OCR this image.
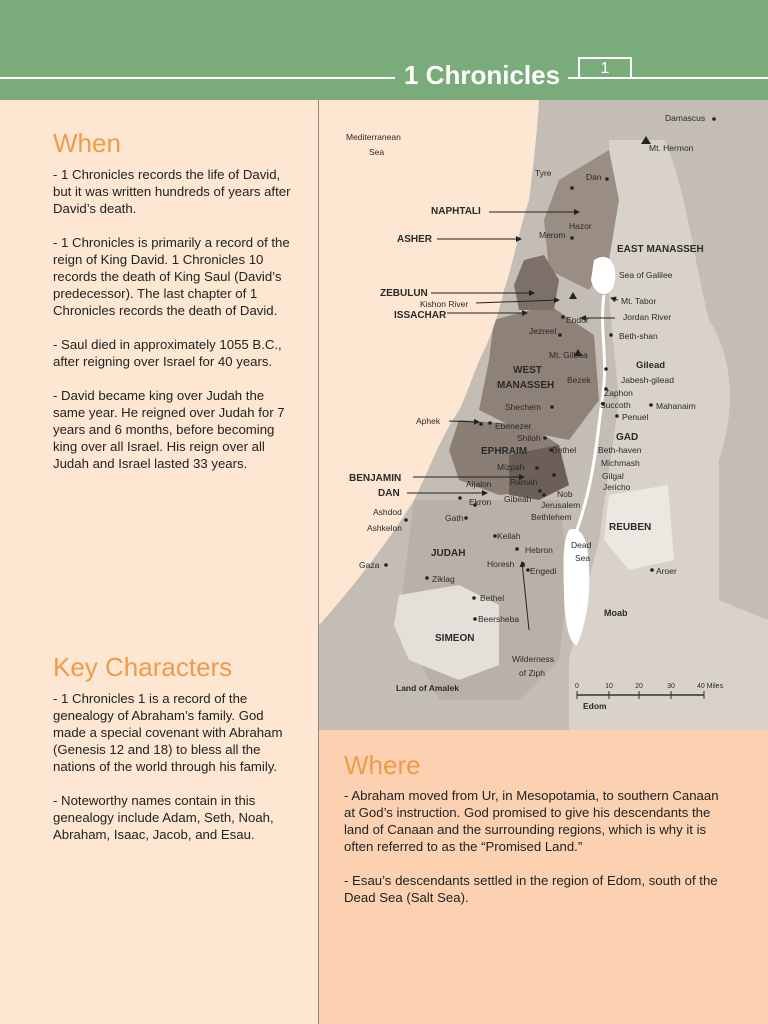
1 Chronicles	1
When

- 1 Chronicles records the life of David, but it was written hundreds of years after David’s death.

- 1 Chronicles is primarily a record of the reign of King David. 1 Chronicles 10 records the death of King Saul (David’s predecessor). The last chapter of 1 Chronicles records the death of David.

- Saul died in approximately 1055 B.C., after reigning over Israel for 40 years.

- David became king over Judah the same year. He reigned over Judah for 7 years and 6 months, before becoming king over all Israel. His reign over all Judah and Israel lasted 33 years.

Key Characters

- 1 Chronicles 1 is a record of the genealogy of Abraham’s family. God made a special covenant with Abraham (Genesis 12 and 18) to bless all the nations of the world through his family.

- Noteworthy names contain in this genealogy include Adam, Seth, Noah, Abraham, Isaac, Jacob, and Esau.

Where

- Abraham moved from Ur, in Mesopotamia, to southern Canaan at God’s instruction. God promised to give his descendants the land of Canaan and the surrounding regions, which is why it is often referred to as the “Promised Land.”

- Esau’s descendants settled in the region of Edom, south of the Dead Sea (Salt Sea).

0	10	20	30	40 Miles
Mediterranean
Sea
Damascus
Mt. Hermon
Tyre	Dan
NAPHTALI
Hazor
ASHER	Merom
EAST MANASSEH
Sea of Galilee
ZEBULUN
Kishon River	Mt. Tabor
ISSACHAR	Endor	Jordan River
Jezreel	Beth-shan
Mt. Gilboa
Gilead
WEST
MANASSEH Bezek	Jabesh-gilead
Zaphon
Succoth	Mahanaim
Shechem
Penuel
Aphek	Ebenezer
Shiloh	GAD
EPHRAIM	Bethel	Beth-haven
Michmash
Mizpah
BENJAMIN	Gilgal
Ramah
Aijalon	Jericho
DAN	Nob
Ekron Gibeah
Jerusalem
Ashdod	Bethlehem
REUBEN
Gath
Ashkelon
Keilah
Dead
Sea
Hebron
JUDAH
Gaza	Horesh
Engedi	Aroer
Ziklag
Bethel
Moab
Beersheba
SIMEON
Wilderness
of Ziph
Land of Amalek
Edom
